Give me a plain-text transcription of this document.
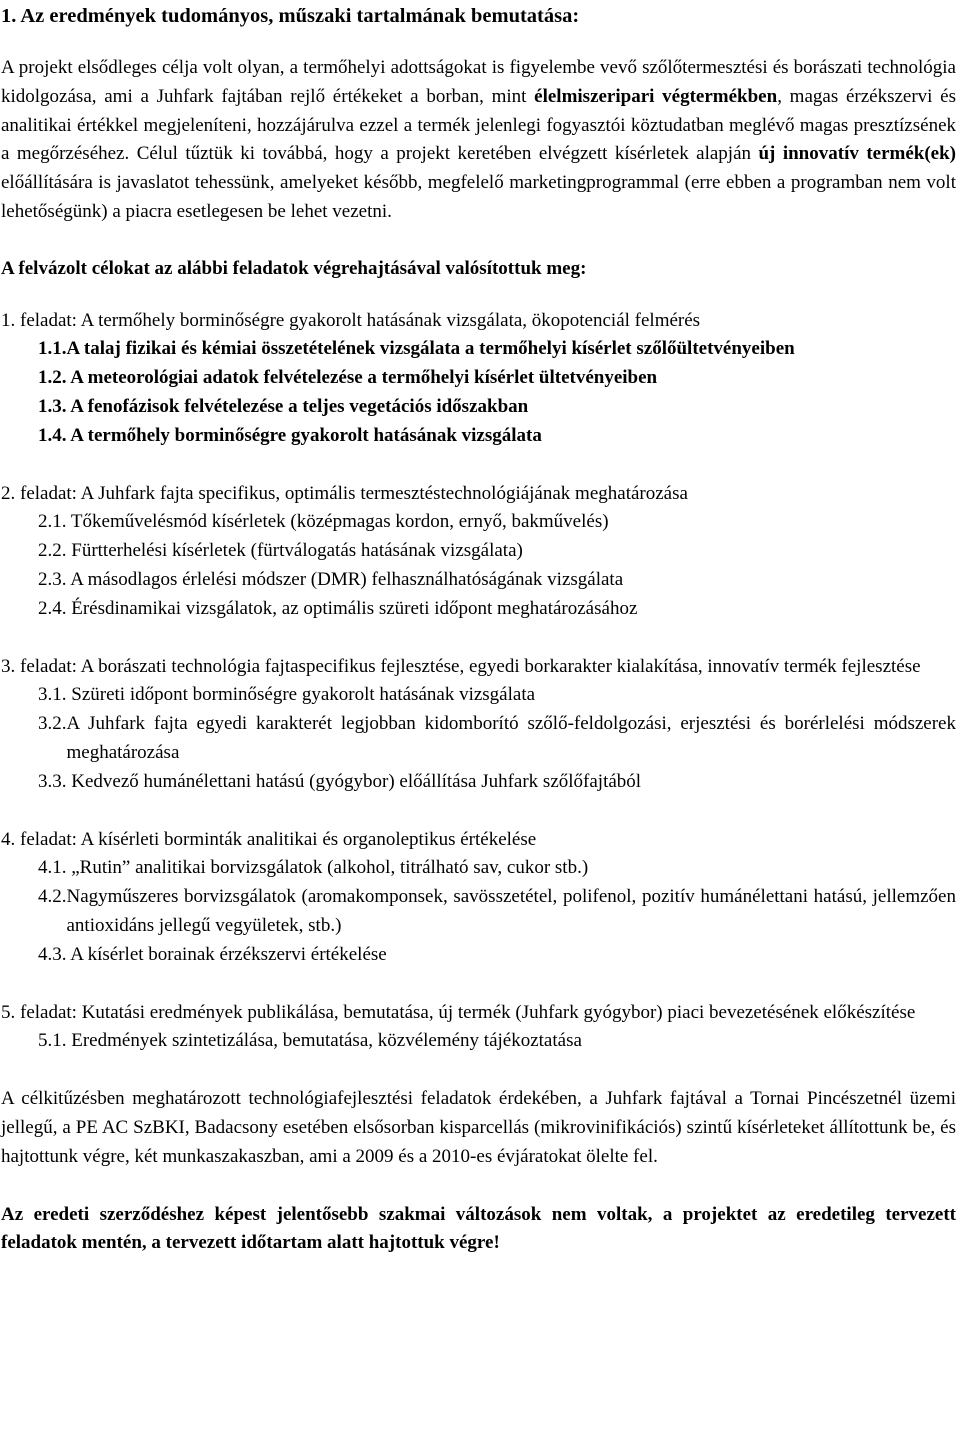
1. Az eredmények tudományos, műszaki tartalmának bemutatása:

A projekt elsődleges célja volt olyan, a termőhelyi adottságokat is figyelembe vevő szőlőtermesztési és borászati technológia kidolgozása, ami a Juhfark fajtában rejlő értékeket a borban, mint élelmiszeripari végtermékben, magas érzékszervi és analitikai értékkel megjeleníteni, hozzájárulva ezzel a termék jelenlegi fogyasztói köztudatban meglévő magas presztízsének a megőrzéséhez. Célul tűztük ki továbbá, hogy a projekt keretében elvégzett kísérletek alapján új innovatív termék(ek) előállítására is javaslatot tehessünk, amelyeket később, megfelelő marketingprogrammal (erre ebben a programban nem volt lehetőségünk) a piacra esetlegesen be lehet vezetni.

A felvázolt célokat az alábbi feladatok végrehajtásával valósítottuk meg:
1. feladat: A termőhely borminőségre gyakorolt hatásának vizsgálata, ökopotenciál felmérés
1.1. A talaj fizikai és kémiai összetételének vizsgálata a termőhelyi kísérlet szőlőültetvényeiben
1.2. A meteorológiai adatok felvételezése a termőhelyi kísérlet ültetvényeiben
1.3. A fenofázisok felvételezése a teljes vegetációs időszakban
1.4. A termőhely borminőségre gyakorolt hatásának vizsgálata
2. feladat: A Juhfark fajta specifikus, optimális termesztéstechnológiájának meghatározása
2.1. Tőkeművelésmód kísérletek (középmagas kordon, ernyő, bakművelés)
2.2. Fürtterhelési kísérletek (fürtválogatás hatásának vizsgálata)
2.3. A másodlagos érlelési módszer (DMR) felhasználhatóságának vizsgálata
2.4. Érésdinamikai vizsgálatok, az optimális szüreti időpont meghatározásához
3. feladat: A borászati technológia fajtaspecifikus fejlesztése, egyedi borkarakter kialakítása, innovatív termék fejlesztése
3.1. Szüreti időpont borminőségre gyakorolt hatásának vizsgálata
3.2. A Juhfark fajta egyedi karakterét legjobban kidomborító szőlő-feldolgozási, erjesztési és borérlelési módszerek meghatározása
3.3. Kedvező humánélettani hatású (gyógybor) előállítása Juhfark szőlőfajtából
4. feladat: A kísérleti borminták analitikai és organoleptikus értékelése
4.1. „Rutin” analitikai borvizsgálatok (alkohol, titrálható sav, cukor stb.)
4.2. Nagyműszeres borvizsgálatok (aromakomponsek, savösszetétel, polifenol, pozitív humánélettani hatású, jellemzően antioxidáns jellegű vegyületek, stb.)
4.3. A kísérlet borainak érzékszervi értékelése
5. feladat: Kutatási eredmények publikálása, bemutatása, új termék (Juhfark gyógybor) piaci bevezetésének előkészítése
5.1. Eredmények szintetizálása, bemutatása, közvélemény tájékoztatása

A célkitűzésben meghatározott technológiafejlesztési feladatok érdekében, a Juhfark fajtával a Tornai Pincészetnél üzemi jellegű, a PE AC SzBKI, Badacsony esetében elsősorban kisparcellás (mikrovinifikációs) szintű kísérleteket állítottunk be, és hajtottunk végre, két munkaszakaszban, ami a 2009 és a 2010-es évjáratokat ölelte fel.

Az eredeti szerződéshez képest jelentősebb szakmai változások nem voltak, a projektet az eredetileg tervezett feladatok mentén, a tervezett időtartam alatt hajtottuk végre!
